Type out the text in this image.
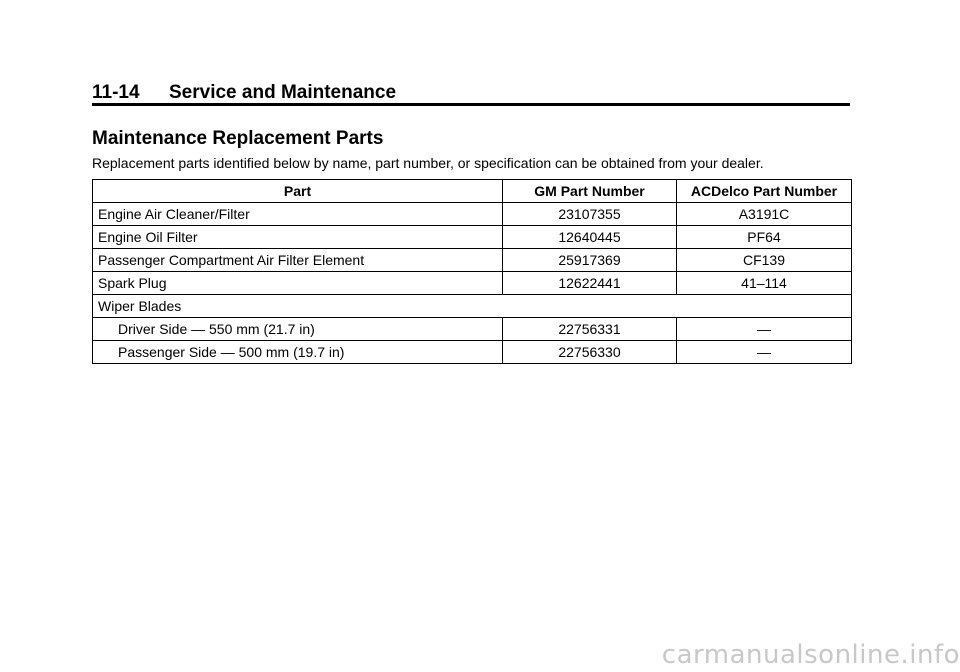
11-14 Service and Maintenance
Maintenance Replacement Parts
Replacement parts identified below by name, part number, or specification can be obtained from your dealer.
Part	GM Part Number	ACDelco Part Number
Engine Air Cleaner/Filter	23107355	A3191C
Engine Oil Filter	12640445	PF64
Passenger Compartment Air Filter Element	25917369	CF139
Spark Plug	12622441	41–114
Wiper Blades		
Driver Side — 550 mm (21.7 in)	22756331	—
Passenger Side — 500 mm (19.7 in)	22756330	—
carmanualsonline.info
